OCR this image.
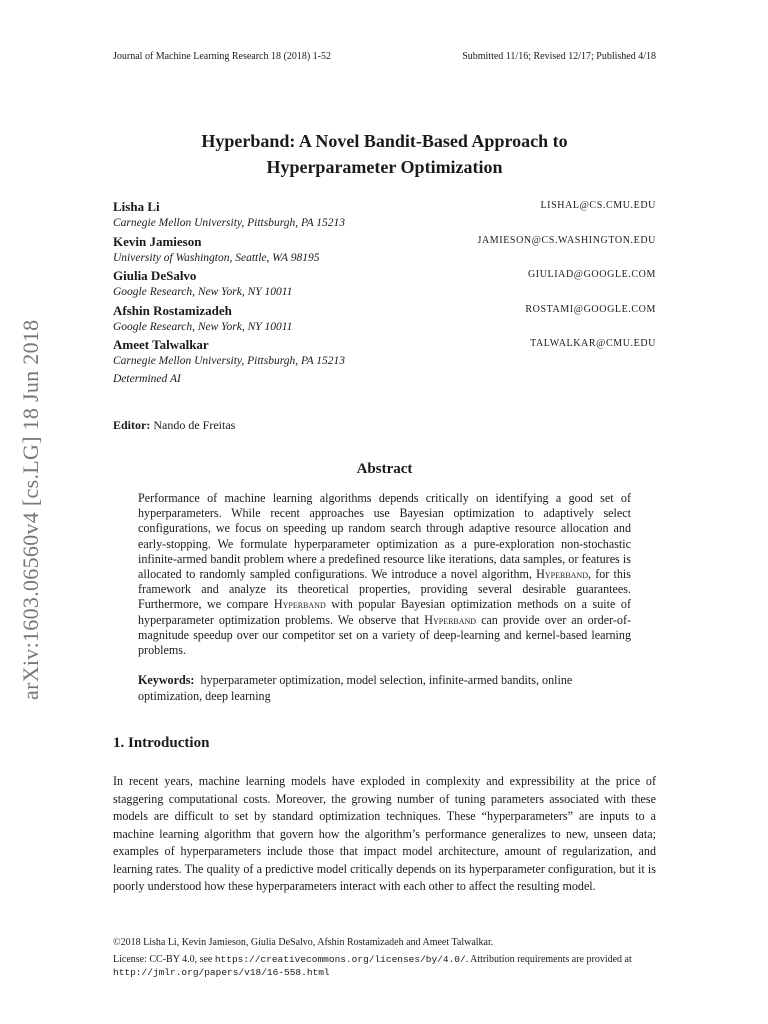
Journal of Machine Learning Research 18 (2018) 1-52	Submitted 11/16; Revised 12/17; Published 4/18
Hyperband: A Novel Bandit-Based Approach to
Hyperparameter Optimization
Lisha Li	LISHAL@CS.CMU.EDU
Carnegie Mellon University, Pittsburgh, PA 15213
Kevin Jamieson	JAMIESON@CS.WASHINGTON.EDU
University of Washington, Seattle, WA 98195
Giulia DeSalvo	GIULIAD@GOOGLE.COM
Google Research, New York, NY 10011
Afshin Rostamizadeh	ROSTAMI@GOOGLE.COM
Google Research, New York, NY 10011
Ameet Talwalkar	TALWALKAR@CMU.EDU
Carnegie Mellon University, Pittsburgh, PA 15213
Determined AI
Editor: Nando de Freitas
Abstract
Performance of machine learning algorithms depends critically on identifying a good set of hyperparameters. While recent approaches use Bayesian optimization to adaptively select configurations, we focus on speeding up random search through adaptive resource allocation and early-stopping. We formulate hyperparameter optimization as a pure-exploration non-stochastic infinite-armed bandit problem where a predefined resource like iterations, data samples, or features is allocated to randomly sampled configurations. We introduce a novel algorithm, Hyperband, for this framework and analyze its theoretical properties, providing several desirable guarantees. Furthermore, we compare Hyperband with popular Bayesian optimization methods on a suite of hyperparameter optimization problems. We observe that Hyperband can provide over an order-of-magnitude speedup over our competitor set on a variety of deep-learning and kernel-based learning problems.
Keywords: hyperparameter optimization, model selection, infinite-armed bandits, online optimization, deep learning
1. Introduction
In recent years, machine learning models have exploded in complexity and expressibility at the price of staggering computational costs. Moreover, the growing number of tuning parameters associated with these models are difficult to set by standard optimization techniques. These “hyperparameters” are inputs to a machine learning algorithm that govern how the algorithm’s performance generalizes to new, unseen data; examples of hyperparameters include those that impact model architecture, amount of regularization, and learning rates. The quality of a predictive model critically depends on its hyperparameter configuration, but it is poorly understood how these hyperparameters interact with each other to affect the resulting model.
©2018 Lisha Li, Kevin Jamieson, Giulia DeSalvo, Afshin Rostamizadeh and Ameet Talwalkar.
License: CC-BY 4.0, see https://creativecommons.org/licenses/by/4.0/. Attribution requirements are provided at http://jmlr.org/papers/v18/16-558.html
arXiv:1603.06560v4 [cs.LG] 18 Jun 2018
